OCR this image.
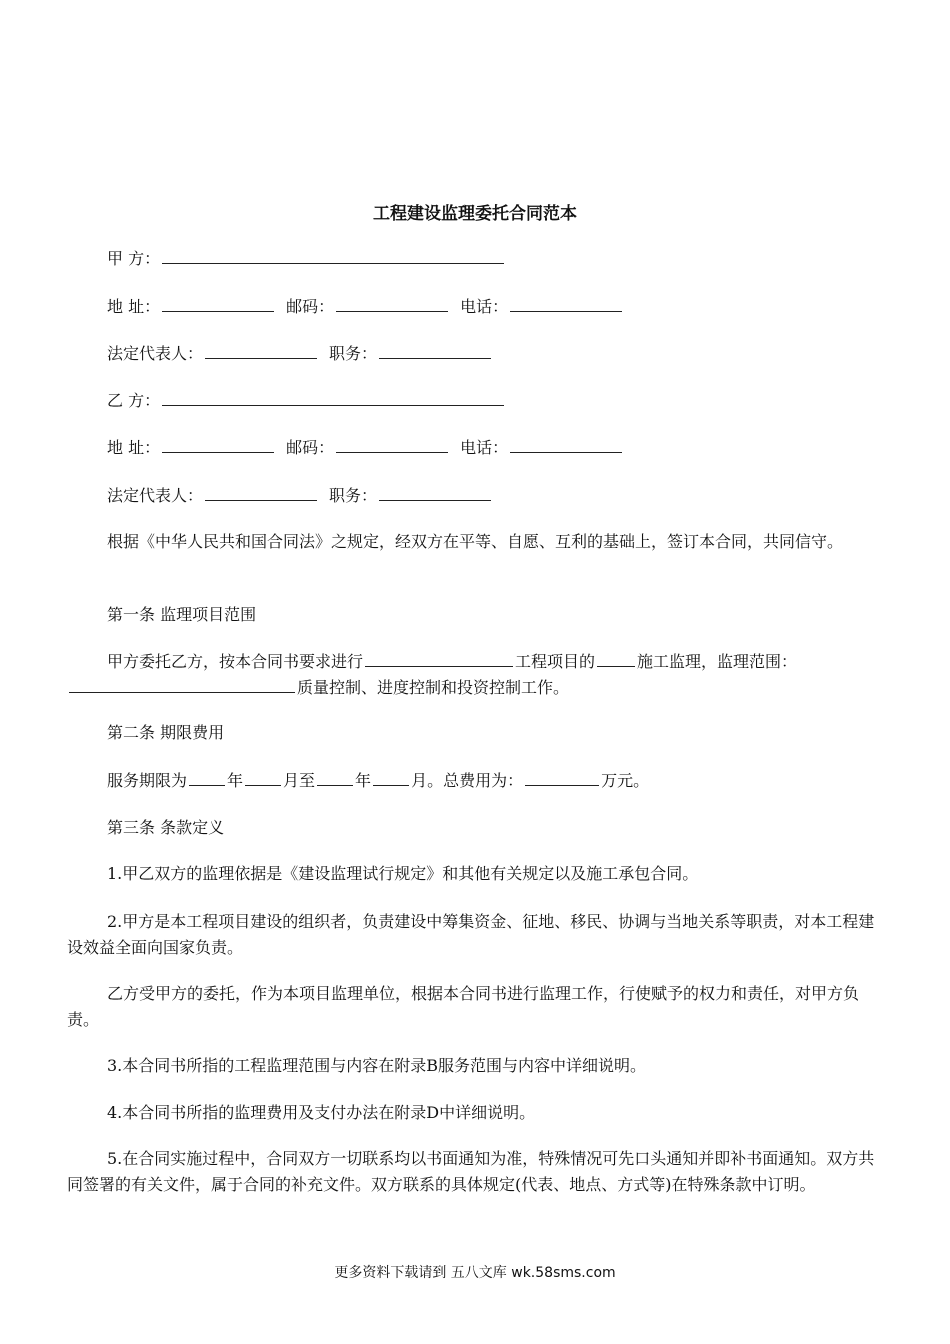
工程建设监理委托合同范本
甲 方：
地 址：	邮码：	电话：
法定代表人：	职务：
乙 方：
地 址：	邮码：	电话：
法定代表人：	职务：
根据《中华人民共和国合同法》之规定，经双方在平等、自愿、互利的基础上，签订本合同，共同信守。
第一条 监理项目范围
甲方委托乙方，按本合同书要求进行	工程项目的	施工监理，监理范围：质量控制、进度控制和投资控制工作。
第二条 期限费用
服务期限为	年	月至	年	月。总费用为：	万元。
第三条 条款定义
1.甲乙双方的监理依据是《建设监理试行规定》和其他有关规定以及施工承包合同。
2.甲方是本工程项目建设的组织者，负责建设中筹集资金、征地、移民、协调与当地关系等职责，对本工程建设效益全面向国家负责。
乙方受甲方的委托，作为本项目监理单位，根据本合同书进行监理工作，行使赋予的权力和责任，对甲方负责。
3.本合同书所指的工程监理范围与内容在附录B服务范围与内容中详细说明。
4.本合同书所指的监理费用及支付办法在附录D中详细说明。
5.在合同实施过程中，合同双方一切联系均以书面通知为准，特殊情况可先口头通知并即补书面通知。双方共同签署的有关文件，属于合同的补充文件。双方联系的具体规定(代表、地点、方式等)在特殊条款中订明。
更多资料下载请到 五八文库 wk.58sms.com
